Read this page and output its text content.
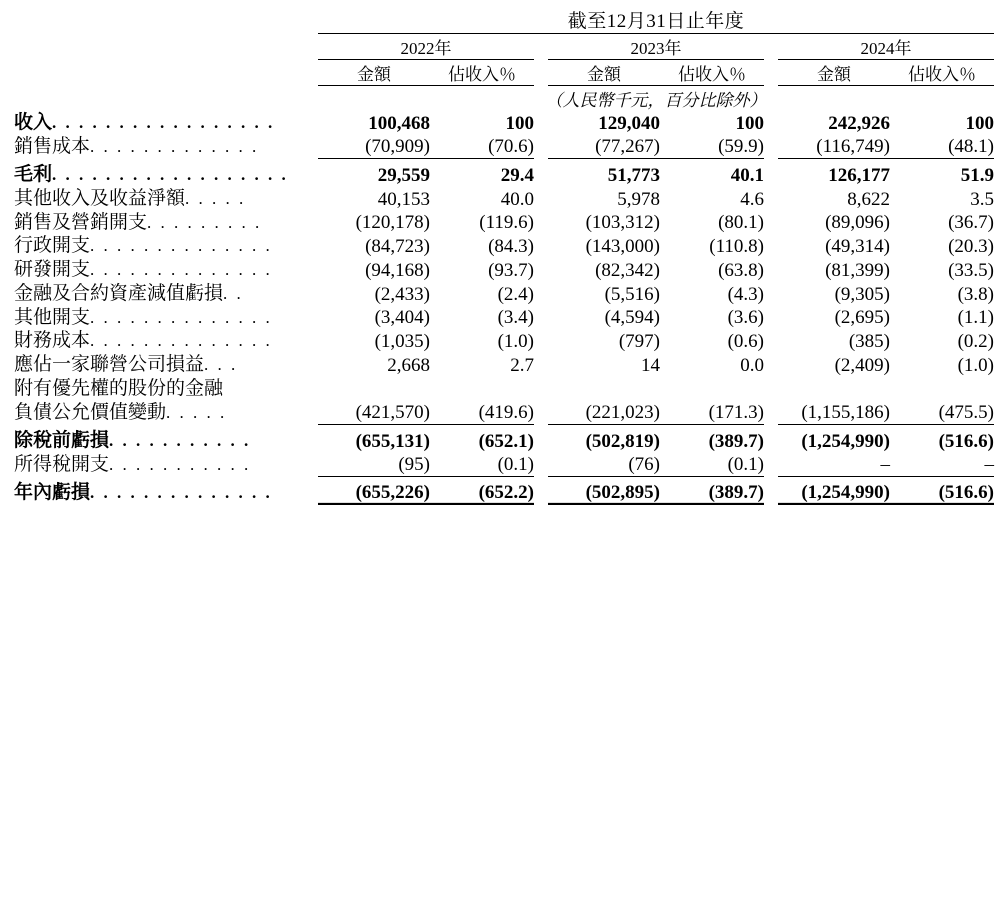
		截至12月31日止年度							
		2022年			2023年			2024年	
		金額	佔收入％		金額	佔收入％		金額	佔收入％
		（人民幣千元，百分比除外）							
收入. . . . . . . . . . . . . . . . .		100,468	100		129,040	100		242,926	100
銷售成本. . . . . . . . . . . . .		(70,909)	(70.6)		(77,267)	(59.9)		(116,749)	(48.1)

毛利. . . . . . . . . . . . . . . . . .		29,559	29.4		51,773	40.1		126,177	51.9
其他收入及收益淨額. . . . .		40,153	40.0		5,978	4.6		8,622	3.5
銷售及營銷開支. . . . . . . . .		(120,178)	(119.6)		(103,312)	(80.1)		(89,096)	(36.7)
行政開支. . . . . . . . . . . . . .		(84,723)	(84.3)		(143,000)	(110.8)		(49,314)	(20.3)
研發開支. . . . . . . . . . . . . .		(94,168)	(93.7)		(82,342)	(63.8)		(81,399)	(33.5)
金融及合約資產減值虧損. .		(2,433)	(2.4)		(5,516)	(4.3)		(9,305)	(3.8)
其他開支. . . . . . . . . . . . . .		(3,404)	(3.4)		(4,594)	(3.6)		(2,695)	(1.1)
財務成本. . . . . . . . . . . . . .		(1,035)	(1.0)		(797)	(0.6)		(385)	(0.2)
應佔一家聯營公司損益. . .		2,668	2.7		14	0.0		(2,409)	(1.0)
附有優先權的股份的金融									
負債公允價值變動. . . . .		(421,570)	(419.6)		(221,023)	(171.3)		(1,155,186)	(475.5)

除稅前虧損. . . . . . . . . . .		(655,131)	(652.1)		(502,819)	(389.7)		(1,254,990)	(516.6)
所得稅開支. . . . . . . . . . .		(95)	(0.1)		(76)	(0.1)		–	–

年內虧損. . . . . . . . . . . . . .		(655,226)	(652.2)		(502,895)	(389.7)		(1,254,990)	(516.6)
